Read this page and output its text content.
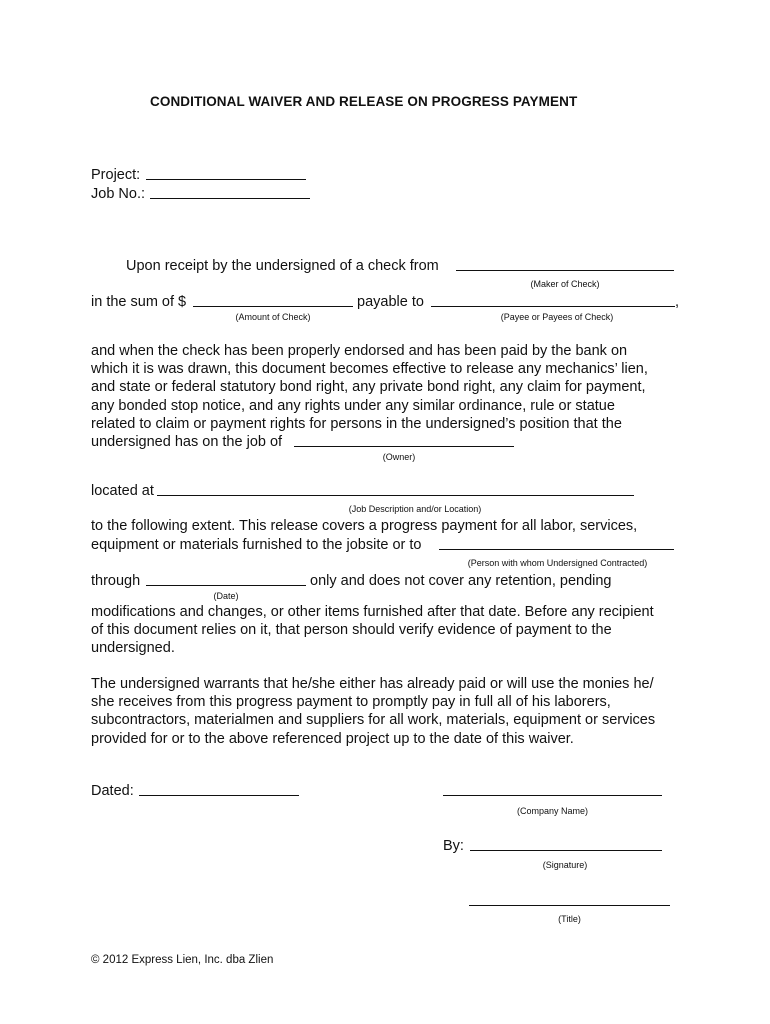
CONDITIONAL WAIVER AND RELEASE ON PROGRESS PAYMENT
Project:
Job No.:
Upon receipt by the undersigned of a check from
(Maker of Check)
in the sum of $	payable to	,
(Amount of Check)	(Payee or Payees of Check)
and when the check has been properly endorsed and has been paid by the bank on
which it is was drawn, this document becomes effective to release any mechanics’ lien,
and state or federal statutory bond right, any private bond right, any claim for payment,
any bonded stop notice, and any rights under any similar ordinance, rule or statue
related to claim or payment rights for persons in the undersigned’s position that the
undersigned has on the job of
(Owner)
located at
(Job Description and/or Location)
to the following extent. This release covers a progress payment for all labor, services,
equipment or materials furnished to the jobsite or to
(Person with whom Undersigned Contracted)
through	only and does not cover any retention, pending
(Date)
modifications and changes, or other items furnished after that date. Before any recipient
of this document relies on it, that person should verify evidence of payment to the
undersigned.
The undersigned warrants that he/she either has already paid or will use the monies he/
she receives from this progress payment to promptly pay in full all of his laborers,
subcontractors, materialmen and suppliers for all work, materials, equipment or services
provided for or to the above referenced project up to the date of this waiver.
Dated:
(Company Name)
By:
(Signature)
(Title)
© 2012 Express Lien, Inc. dba Zlien
